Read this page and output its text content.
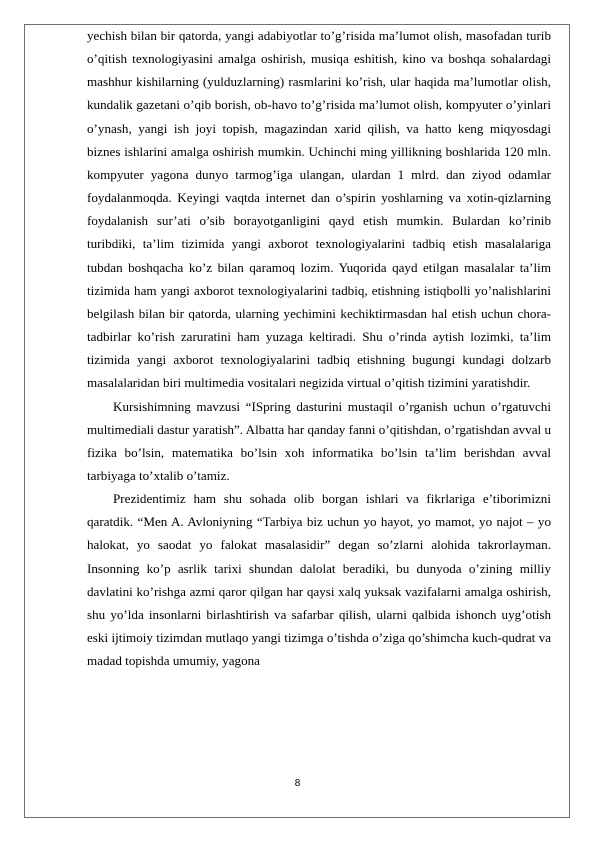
yechish bilan bir qatorda, yangi adabiyotlar to’g’risida ma’lumot olish, masofadan turib o’qitish texnologiyasini amalga oshirish, musiqa eshitish, kino va boshqa sohalardagi mashhur kishilarning (yulduzlarning) rasmlarini ko’rish, ular haqida ma’lumotlar olish, kundalik gazetani o’qib borish, ob-havo to’g’risida ma’lumot olish, kompyuter o’yinlari o’ynash, yangi ish joyi topish, magazindan xarid qilish, va hatto keng miqyosdagi biznes ishlarini amalga oshirish mumkin. Uchinchi ming yillikning boshlarida 120 mln. kompyuter yagona dunyo tarmog’iga ulangan, ulardan 1 mlrd. dan ziyod odamlar foydalanmoqda. Keyingi vaqtda internet dan o’spirin yoshlarning va xotin-qizlarning foydalanish sur’ati o’sib borayotganligini qayd etish mumkin. Bulardan ko’rinib turibdiki, ta’lim tizimida yangi axborot texnologiyalarini tadbiq etish masalalariga tubdan boshqacha ko’z bilan qaramoq lozim. Yuqorida qayd etilgan masalalar ta’lim tizimida ham yangi axborot texnologiyalarini tadbiq, etishning istiqbolli yo’nalishlarini belgilash bilan bir qatorda, ularning yechimini kechiktirmasdan hal etish uchun chora-tadbirlar ko’rish zaruratini ham yuzaga keltiradi. Shu o’rinda aytish lozimki, ta’lim tizimida yangi axborot texnologiyalarini tadbiq etishning bugungi kundagi dolzarb masalalaridan biri multimedia vositalari negizida virtual o’qitish tizimini yaratishdir.

Kursishimning mavzusi “ISpring dasturini mustaqil o’rganish uchun o’rgatuvchi multimediali dastur yaratish”. Albatta har qanday fanni o’qitishdan, o’rgatishdan avval u fizika bo’lsin, matematika bo’lsin xoh informatika bo’lsin ta’lim berishdan avval tarbiyaga to’xtalib o’tamiz.

Prezidentimiz ham shu sohada olib borgan ishlari va fikrlariga e’tiborimizni qaratdik. “Men A. Avloniyning “Tarbiya biz uchun yo hayot, yo mamot, yo najot – yo halokat, yo saodat yo falokat masalasidir” degan so’zlarni alohida takrorlayman. Insonning ko’p asrlik tarixi shundan dalolat beradiki, bu dunyoda o’zining milliy davlatini ko’rishga azmi qaror qilgan har qaysi xalq yuksak vazifalarni amalga oshirish, shu yo’lda insonlarni birlashtirish va safarbar qilish, ularni qalbida ishonch uyg’otish eski ijtimoiy tizimdan mutlaqo yangi tizimga o’tishda o’ziga qo’shimcha kuch-qudrat va madad topishda umumiy, yagona

8
